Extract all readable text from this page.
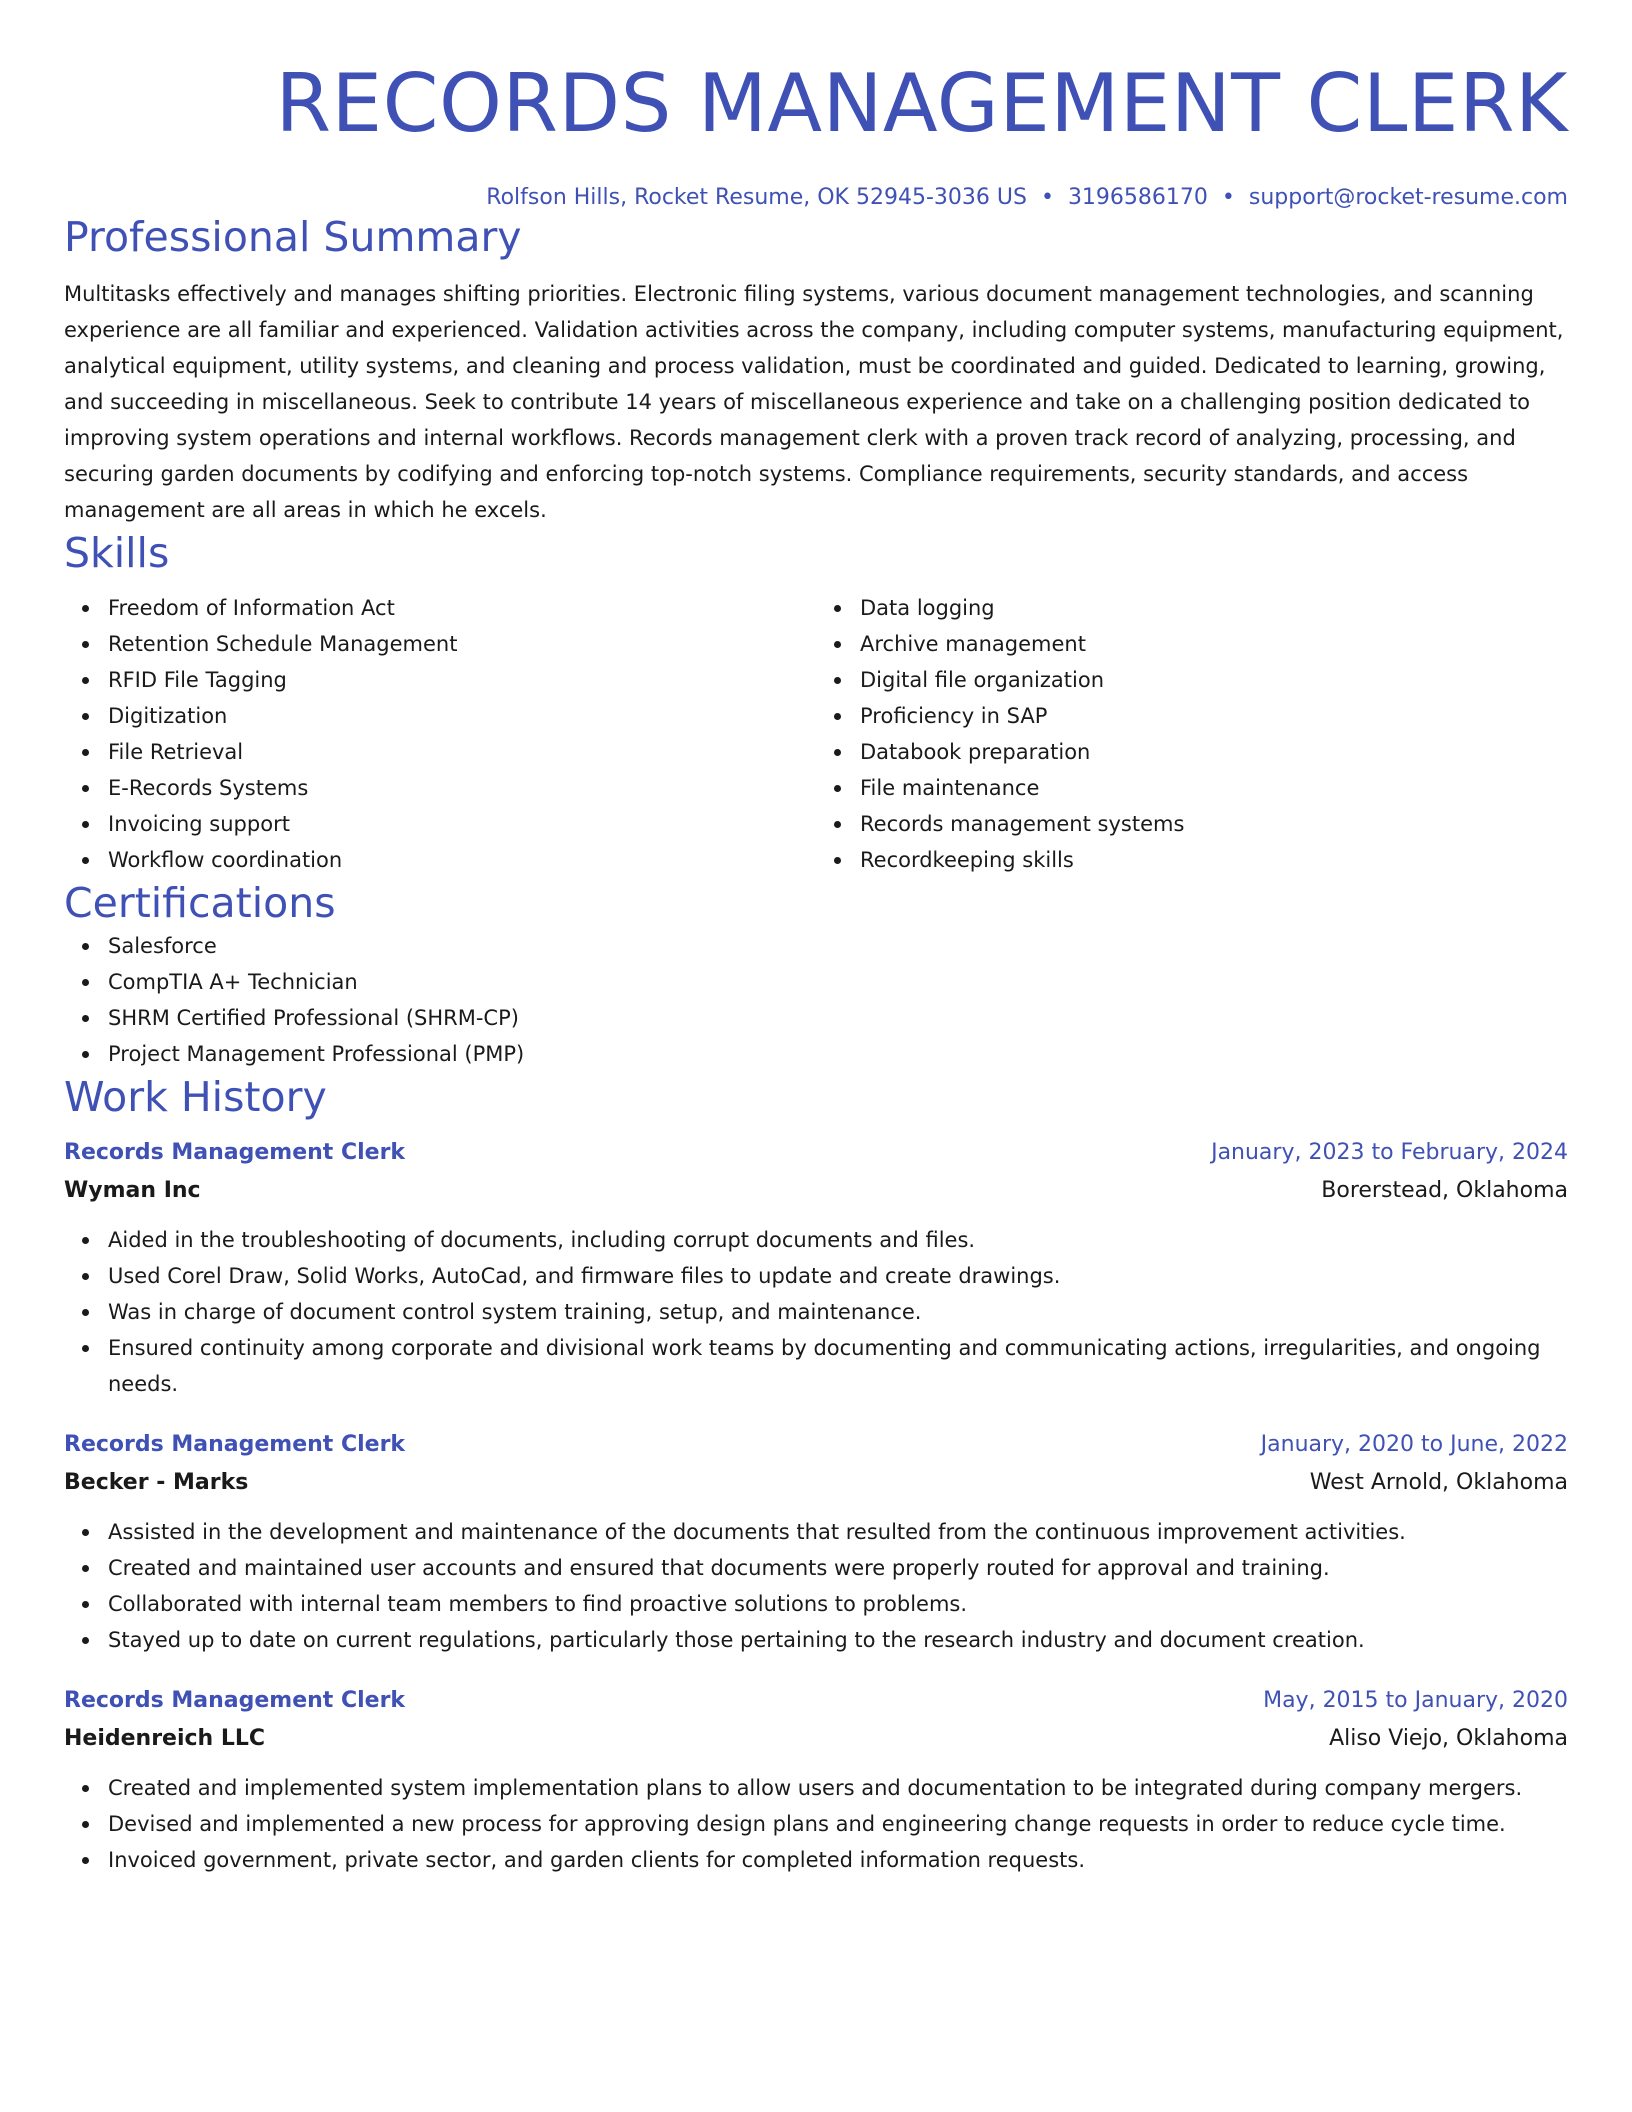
RECORDS MANAGEMENT CLERK
Rolfson Hills, Rocket Resume, OK 52945-3036 US • 3196586170 • support@rocket-resume.com
Professional Summary

Multitasks effectively and manages shifting priorities. Electronic filing systems, various document management technologies, and scanning experience are all familiar and experienced. Validation activities across the company, including computer systems, manufacturing equipment, analytical equipment, utility systems, and cleaning and process validation, must be coordinated and guided. Dedicated to learning, growing, and succeeding in miscellaneous. Seek to contribute 14 years of miscellaneous experience and take on a challenging position dedicated to improving system operations and internal workflows. Records management clerk with a proven track record of analyzing, processing, and securing garden documents by codifying and enforcing top-notch systems. Compliance requirements, security standards, and access management are all areas in which he excels.

Skills
Freedom of Information Act
Retention Schedule Management
RFID File Tagging
Digitization
File Retrieval
E-Records Systems
Invoicing support
Workflow coordination
Data logging
Archive management
Digital file organization
Proficiency in SAP
Databook preparation
File maintenance
Records management systems
Recordkeeping skills
Certifications
Salesforce
CompTIA A+ Technician
SHRM Certified Professional (SHRM-CP)
Project Management Professional (PMP)
Work History
Records Management Clerk	January, 2023 to February, 2024
Wyman Inc	Borerstead, Oklahoma
Aided in the troubleshooting of documents, including corrupt documents and files.
Used Corel Draw, Solid Works, AutoCad, and firmware files to update and create drawings.
Was in charge of document control system training, setup, and maintenance.
Ensured continuity among corporate and divisional work teams by documenting and communicating actions, irregularities, and ongoing needs.
Records Management Clerk	January, 2020 to June, 2022
Becker - Marks	West Arnold, Oklahoma
Assisted in the development and maintenance of the documents that resulted from the continuous improvement activities.
Created and maintained user accounts and ensured that documents were properly routed for approval and training.
Collaborated with internal team members to find proactive solutions to problems.
Stayed up to date on current regulations, particularly those pertaining to the research industry and document creation.
Records Management Clerk	May, 2015 to January, 2020
Heidenreich LLC	Aliso Viejo, Oklahoma
Created and implemented system implementation plans to allow users and documentation to be integrated during company mergers.
Devised and implemented a new process for approving design plans and engineering change requests in order to reduce cycle time.
Invoiced government, private sector, and garden clients for completed information requests.
